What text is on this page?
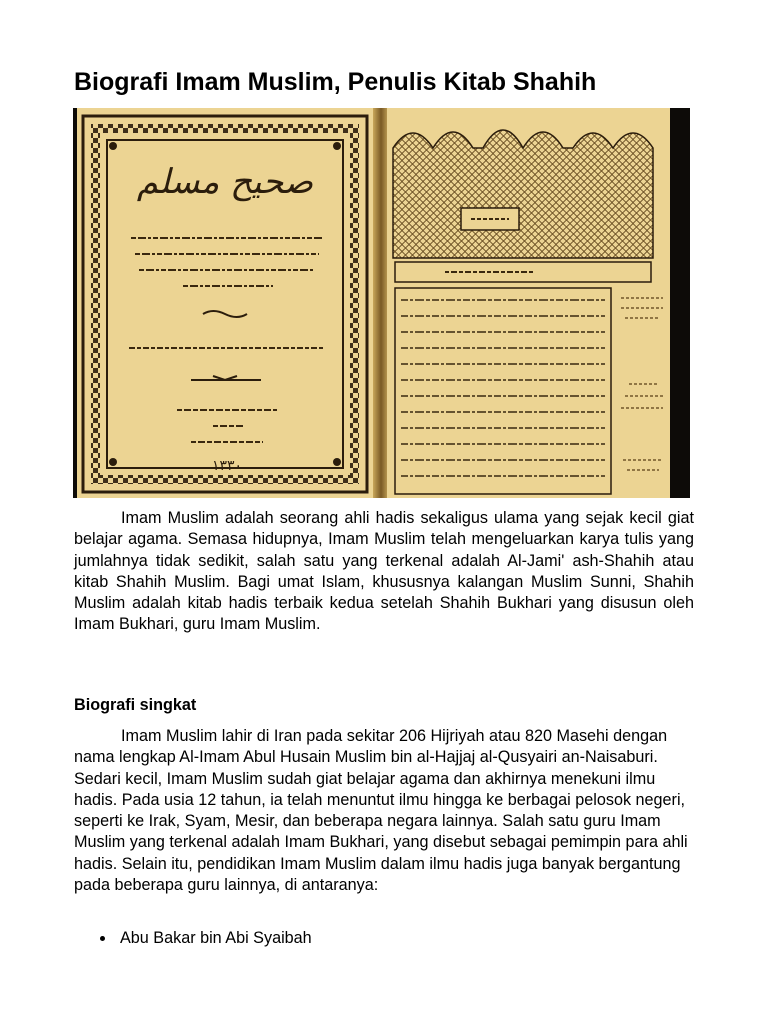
Biografi Imam Muslim, Penulis Kitab Shahih
صحيح مسلم
١٣٣٠

Imam Muslim adalah seorang ahli hadis sekaligus ulama yang sejak kecil giat belajar agama. Semasa hidupnya, Imam Muslim telah mengeluarkan karya tulis yang jumlahnya tidak sedikit, salah satu yang terkenal adalah Al-Jami' ash-Shahih atau kitab Shahih Muslim. Bagi umat Islam, khususnya kalangan Muslim Sunni, Shahih Muslim adalah kitab hadis terbaik kedua setelah Shahih Bukhari yang disusun oleh Imam Bukhari, guru Imam Muslim.

Biografi singkat

Imam Muslim lahir di Iran pada sekitar 206 Hijriyah atau 820 Masehi dengan nama lengkap Al-Imam Abul Husain Muslim bin al-Hajjaj al-Qusyairi an-Naisaburi. Sedari kecil, Imam Muslim sudah giat belajar agama dan akhirnya menekuni ilmu hadis. Pada usia 12 tahun, ia telah menuntut ilmu hingga ke berbagai pelosok negeri, seperti ke Irak, Syam, Mesir, dan beberapa negara lainnya. Salah satu guru Imam Muslim yang terkenal adalah Imam Bukhari, yang disebut sebagai pemimpin para ahli hadis. Selain itu, pendidikan Imam Muslim dalam ilmu hadis juga banyak bergantung pada beberapa guru lainnya, di antaranya:

Abu Bakar bin Abi Syaibah
